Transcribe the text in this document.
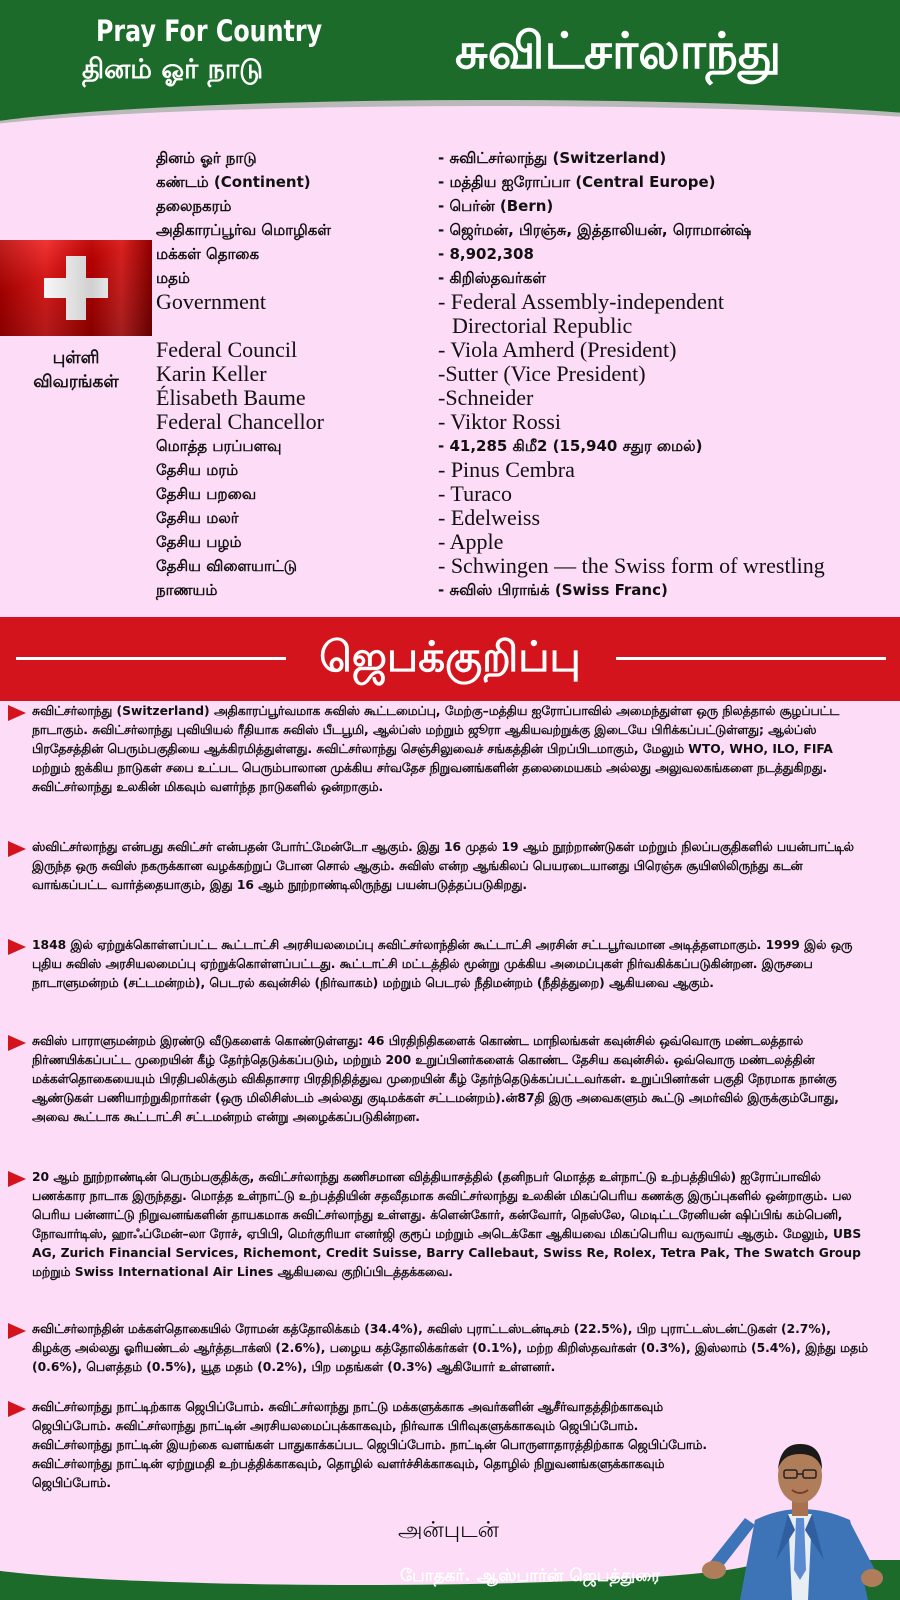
Pray For Country
தினம் ஓர் நாடு	சுவிட்சர்லாந்து
புள்ளி விவரங்கள்
தினம் ஓர் நாடு	- சுவிட்சர்லாந்து (Switzerland)
கண்டம் (Continent)	- மத்திய ஐரோப்பா (Central Europe)
தலைநகரம்	- பெர்ன் (Bern)
அதிகாரப்பூர்வ மொழிகள்	- ஜெர்மன், பிரஞ்சு, இத்தாலியன், ரொமான்ஷ்
மக்கள் தொகை	- 8,902,308
மதம்	- கிறிஸ்தவர்கள்
Government	- Federal Assembly-independent
Directorial Republic
Federal Council	- Viola Amherd (President)
Karin Keller	-Sutter (Vice President)
Élisabeth Baume	-Schneider
Federal Chancellor	- Viktor Rossi
மொத்த பரப்பளவு	- 41,285 கிமீ2 (15,940 சதுர மைல்)
தேசிய மரம்	- Pinus Cembra
தேசிய பறவை	- Turaco
தேசிய மலர்	- Edelweiss
தேசிய பழம்	- Apple
தேசிய விளையாட்டு	- Schwingen — the Swiss form of wrestling
நாணயம்	- சுவிஸ் பிராங்க் (Swiss Franc)
ஜெபக்குறிப்பு
சுவிட்சர்லாந்து (Switzerland) அதிகாரப்பூர்வமாக சுவிஸ் கூட்டமைப்பு, மேற்கு–மத்திய ஐரோப்பாவில் அமைந்துள்ள ஒரு நிலத்தால் சூழப்பட்ட நாடாகும். சுவிட்சர்லாந்து புவியியல் ரீதியாக சுவிஸ் பீடபூமி, ஆல்ப்ஸ் மற்றும் ஜூரா ஆகியவற்றுக்கு இடையே பிரிக்கப்பட்டுள்ளது; ஆல்ப்ஸ் பிரதேசத்தின் பெரும்பகுதியை ஆக்கிரமித்துள்ளது. சுவிட்சர்லாந்து செஞ்சிலுவைச் சங்கத்தின் பிறப்பிடமாகும், மேலும் WTO, WHO, ILO, FIFA மற்றும் ஐக்கிய நாடுகள் சபை உட்பட பெரும்பாலான முக்கிய சர்வதேச நிறுவனங்களின் தலைமையகம் அல்லது அலுவலகங்களை நடத்துகிறது. சுவிட்சர்லாந்து உலகின் மிகவும் வளர்ந்த நாடுகளில் ஒன்றாகும்.
ஸ்விட்சர்லாந்து என்பது சுவிட்சர் என்பதன் போர்ட்மேன்டோ ஆகும். இது 16 முதல் 19 ஆம் நூற்றாண்டுகள் மற்றும் நிலப்பகுதிகளில் பயன்பாட்டில் இருந்த ஒரு சுவிஸ் நகருக்கான வழக்கற்றுப் போன சொல் ஆகும். சுவிஸ் என்ற ஆங்கிலப் பெயரடையானது பிரெஞ்சு சூயிஸிலிருந்து கடன் வாங்கப்பட்ட வார்த்தையாகும், இது 16 ஆம் நூற்றாண்டிலிருந்து பயன்படுத்தப்படுகிறது.
1848 இல் ஏற்றுக்கொள்ளப்பட்ட கூட்டாட்சி அரசியலமைப்பு சுவிட்சர்லாந்தின் கூட்டாட்சி அரசின் சட்டபூர்வமான அடித்தளமாகும். 1999 இல் ஒரு புதிய சுவிஸ் அரசியலமைப்பு ஏற்றுக்கொள்ளப்பட்டது. கூட்டாட்சி மட்டத்தில் மூன்று முக்கிய அமைப்புகள் நிர்வகிக்கப்படுகின்றன. இருசபை நாடாளுமன்றம் (சட்டமன்றம்), பெடரல் கவுன்சில் (நிர்வாகம்) மற்றும் பெடரல் நீதிமன்றம் (நீதித்துறை) ஆகியவை ஆகும்.
சுவிஸ் பாராளுமன்றம் இரண்டு வீடுகளைக் கொண்டுள்ளது: 46 பிரதிநிதிகளைக் கொண்ட மாநிலங்கள் கவுன்சில் ஒவ்வொரு மண்டலத்தால் நிர்ணயிக்கப்பட்ட முறையின் கீழ் தேர்ந்தெடுக்கப்படும், மற்றும் 200 உறுப்பினர்களைக் கொண்ட தேசிய கவுன்சில். ஒவ்வொரு மண்டலத்தின் மக்கள்தொகையையும் பிரதிபலிக்கும் விகிதாசார பிரதிநிதித்துவ முறையின் கீழ் தேர்ந்தெடுக்கப்பட்டவர்கள். உறுப்பினர்கள் பகுதி நேரமாக நான்கு ஆண்டுகள் பணியாற்றுகிறார்கள் (ஒரு மிலிசிஸ்டம் அல்லது குடிமக்கள் சட்டமன்றம்).ன்87தி இரு அவைகளும் கூட்டு அமர்வில் இருக்கும்போது, அவை கூட்டாக கூட்டாட்சி சட்டமன்றம் என்று அழைக்கப்படுகின்றன.
20 ஆம் நூற்றாண்டின் பெரும்பகுதிக்கு, சுவிட்சர்லாந்து கணிசமான வித்தியாசத்தில் (தனிநபர் மொத்த உள்நாட்டு உற்பத்தியில்) ஐரோப்பாவில் பணக்கார நாடாக இருந்தது. மொத்த உள்நாட்டு உற்பத்தியின் சதவீதமாக சுவிட்சர்லாந்து உலகின் மிகப்பெரிய கணக்கு இருப்புகளில் ஒன்றாகும். பல பெரிய பன்னாட்டு நிறுவனங்களின் தாயகமாக சுவிட்சர்லாந்து உள்ளது. க்ளென்கோர், கன்வோர், நெஸ்லே, மெடிட்டரேனியன் ஷிப்பிங் கம்பெனி, நோவார்டிஸ், ஹாஃப்மேன்–லா ரோச், ஏபிபி, மெர்குரியா எனர்ஜி குரூப் மற்றும் அடெக்கோ ஆகியவை மிகப்பெரிய வருவாய் ஆகும். மேலும், UBS AG, Zurich Financial Services, Richemont, Credit Suisse, Barry Callebaut, Swiss Re, Rolex, Tetra Pak, The Swatch Group மற்றும் Swiss International Air Lines ஆகியவை குறிப்பிடத்தக்கவை.
சுவிட்சர்லாந்தின் மக்கள்தொகையில் ரோமன் கத்தோலிக்கம் (34.4%), சுவிஸ் புராட்டஸ்டன்டிசம் (22.5%), பிற புராட்டஸ்டன்ட்டுகள் (2.7%), கிழக்கு அல்லது ஓரியண்டல் ஆர்த்தடாக்ஸி (2.6%), பழைய கத்தோலிக்கர்கள் (0.1%), மற்ற கிறிஸ்தவர்கள் (0.3%), இஸ்லாம் (5.4%), இந்து மதம் (0.6%), பௌத்தம் (0.5%), யூத மதம் (0.2%), பிற மதங்கள் (0.3%) ஆகியோர் உள்ளனர்.
சுவிட்சர்லாந்து நாட்டிற்காக ஜெபிப்போம். சுவிட்சர்லாந்து நாட்டு மக்களுக்காக அவர்களின் ஆசீர்வாதத்திற்காகவும் ஜெபிப்போம். சுவிட்சர்லாந்து நாட்டின் அரசியலமைப்புக்காகவும், நிர்வாக பிரிவுகளுக்காகவும் ஜெபிப்போம். சுவிட்சர்லாந்து நாட்டின் இயற்கை வளங்கள் பாதுகாக்கப்பட ஜெபிப்போம். நாட்டின் பொருளாதாரத்திற்காக ஜெபிப்போம். சுவிட்சர்லாந்து நாட்டின் ஏற்றுமதி உற்பத்திக்காகவும், தொழில் வளர்ச்சிக்காகவும், தொழில் நிறுவனங்களுக்காகவும் ஜெபிப்போம்.
அன்புடன்
போதகர். ஆஸ்பார்ன் ஜெபத்துரை
